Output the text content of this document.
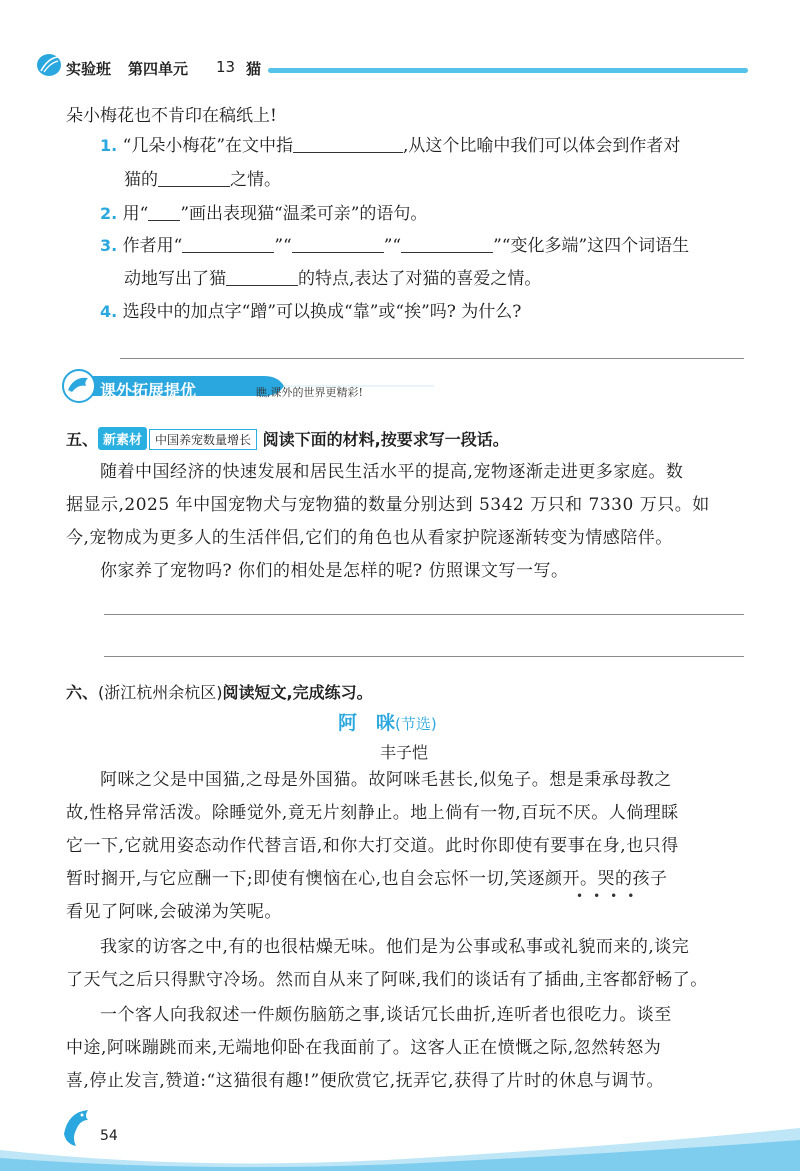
实验班 第四单元 13 猫
朵小梅花也不肯印在稿纸上!
1. “几朵小梅花”在文中指	,从这个比喻中我们可以体会到作者对
猫的	之情。
2. 用“ ”画出表现猫“温柔可亲”的语句。
3. 作者用“	”“	”“	”“变化多端”这四个词语生
动地写出了猫	的特点,表达了对猫的喜爱之情。
4. 选段中的加点字“蹭”可以换成“靠”或“挨”吗? 为什么?
课外拓展提优	瞧,课外的世界更精彩!
五、 新素材 中国养宠数量增长 阅读下面的材料,按要求写一段话。
随着中国经济的快速发展和居民生活水平的提高,宠物逐渐走进更多家庭。数
据显示,2025 年中国宠物犬与宠物猫的数量分别达到 5342 万只和 7330 万只。如
今,宠物成为更多人的生活伴侣,它们的角色也从看家护院逐渐转变为情感陪伴。
你家养了宠物吗? 你们的相处是怎样的呢? 仿照课文写一写。
六、(浙江杭州余杭区)阅读短文,完成练习。
阿　咪(节选)
丰子恺
阿咪之父是中国猫,之母是外国猫。故阿咪毛甚长,似兔子。想是秉承母教之
故,性格异常活泼。除睡觉外,竟无片刻静止。地上倘有一物,百玩不厌。人倘理睬
它一下,它就用姿态动作代替言语,和你大打交道。此时你即使有要事在身,也只得
暂时搁开,与它应酬一下;即使有懊恼在心,也自会忘怀一切,笑逐颜开。哭的孩子
••••
看见了阿咪,会破涕为笑呢。
我家的访客之中,有的也很枯燥无味。他们是为公事或私事或礼貌而来的,谈完
了天气之后只得默守冷场。然而自从来了阿咪,我们的谈话有了插曲,主客都舒畅了。
一个客人向我叙述一件颇伤脑筋之事,谈话冗长曲折,连听者也很吃力。谈至
中途,阿咪蹦跳而来,无端地仰卧在我面前了。这客人正在愤慨之际,忽然转怒为
喜,停止发言,赞道:“这猫很有趣!”便欣赏它,抚弄它,获得了片时的休息与调节。
54
